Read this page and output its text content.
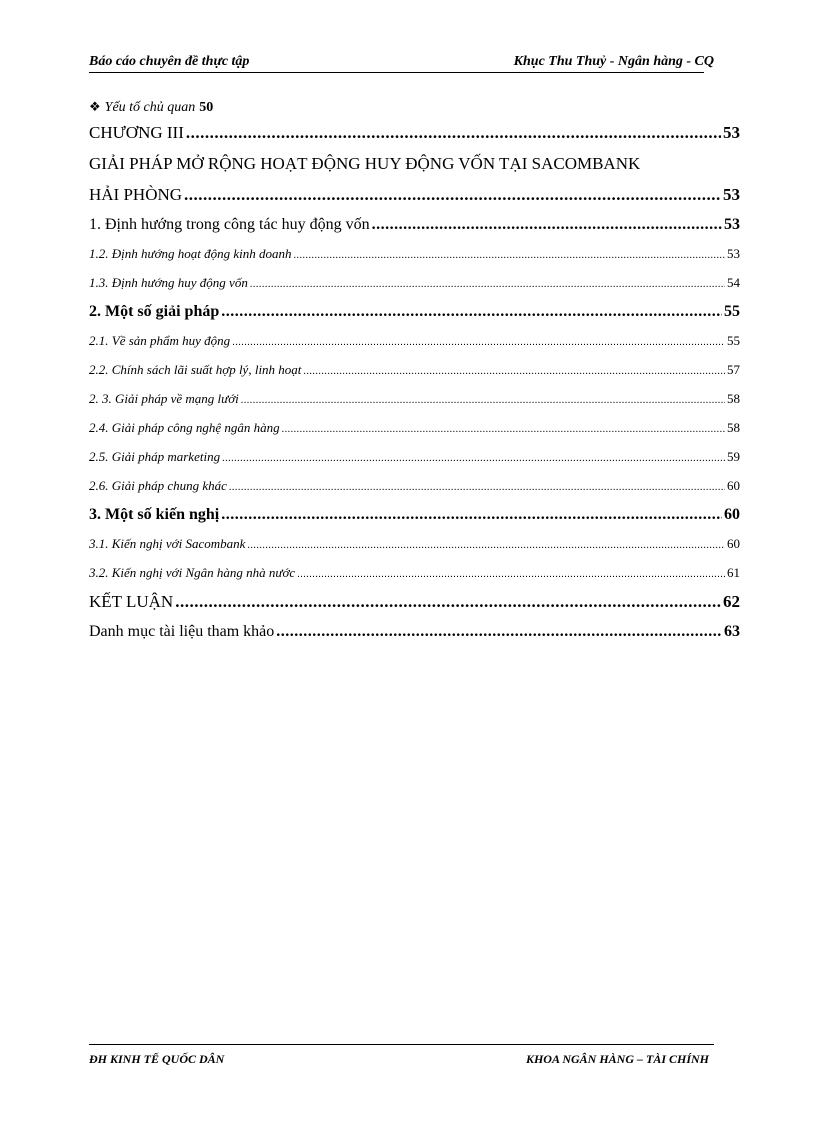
Báo cáo chuyên đề thực tập	Khục Thu Thuỷ - Ngân hàng - CQ
❖ Yếu tố chủ quan 50
CHƯƠNG III .....	53
GIẢI PHÁP MỞ RỘNG HOẠT ĐỘNG HUY ĐỘNG VỐN TẠI SACOMBANK
HẢI PHÒNG .....	53
1. Định hướng trong công tác huy động vốn .....	53
1.2. Định hướng hoạt động kinh doanh .....	53
1.3. Định hướng huy động vốn .....	54
2. Một số giải pháp .....	55
2.1. Về sản phẩm huy động .....	55
2.2. Chính sách lãi suất hợp lý, linh hoạt .....	57
2. 3. Giải pháp về mạng lưới .....	58
2.4. Giải pháp công nghệ ngân hàng .....	58
2.5. Giải pháp marketing .....	59
2.6. Giải pháp chung khác .....	60
3. Một số kiến nghị .....	60
3.1. Kiến nghị với Sacombank .....	60
3.2. Kiến nghị với Ngân hàng nhà nước .....	61
KẾT LUẬN .....	62
Danh mục tài liệu tham khảo .....	63
ĐH KINH TẾ QUỐC DÂN	KHOA NGÂN HÀNG – TÀI CHÍNH
